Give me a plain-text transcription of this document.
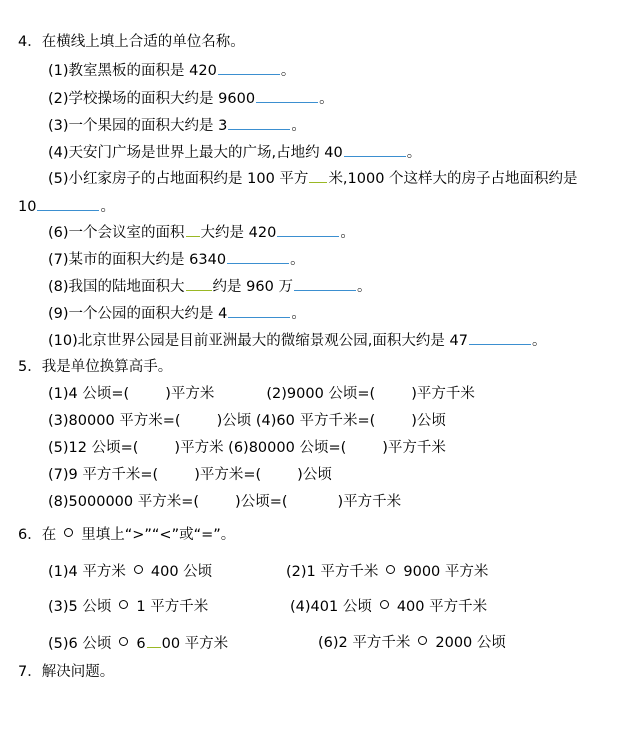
4．在横线上填上合适的单位名称。
(1)教室黑板的面积是 420	。
(2)学校操场的面积大约是 9600	。
(3)一个果园的面积大约是 3	。
(4)天安门广场是世界上最大的广场,占地约 40	。
(5)小红家房子的占地面积约是 100 平方 米,1000 个这样大的房子占地面积约是
10	。
(6)一个会议室的面积 大约是 420	。
(7)某市的面积大约是 6340	。
(8)我国的陆地面积大 约是 960 万	。
(9)一个公园的面积大约是 4	。
(10)北京世界公园是目前亚洲最大的微缩景观公园,面积大约是 47	。
5．我是单位换算高手。
(1)4 公顷=( )平方米	(2)9000 公顷=( )平方千米
(3)80000 平方米=( )公顷 (4)60 平方千米=( )公顷
(5)12 公顷=( )平方米 (6)80000 公顷=( )平方千米
(7)9 平方千米=( )平方米=( )公顷
(8)5000000 平方米=( )公顷=(	)平方千米
6．在 里填上“>”“<”或“=”。
(1)4 平方米 400 公顷	(2)1 平方千米 9000 平方米
(3)5 公顷 1 平方千米	(4)401 公顷 400 平方千米
(5)6 公顷 6 00 平方米	(6)2 平方千米 2000 公顷
7．解决问题。
